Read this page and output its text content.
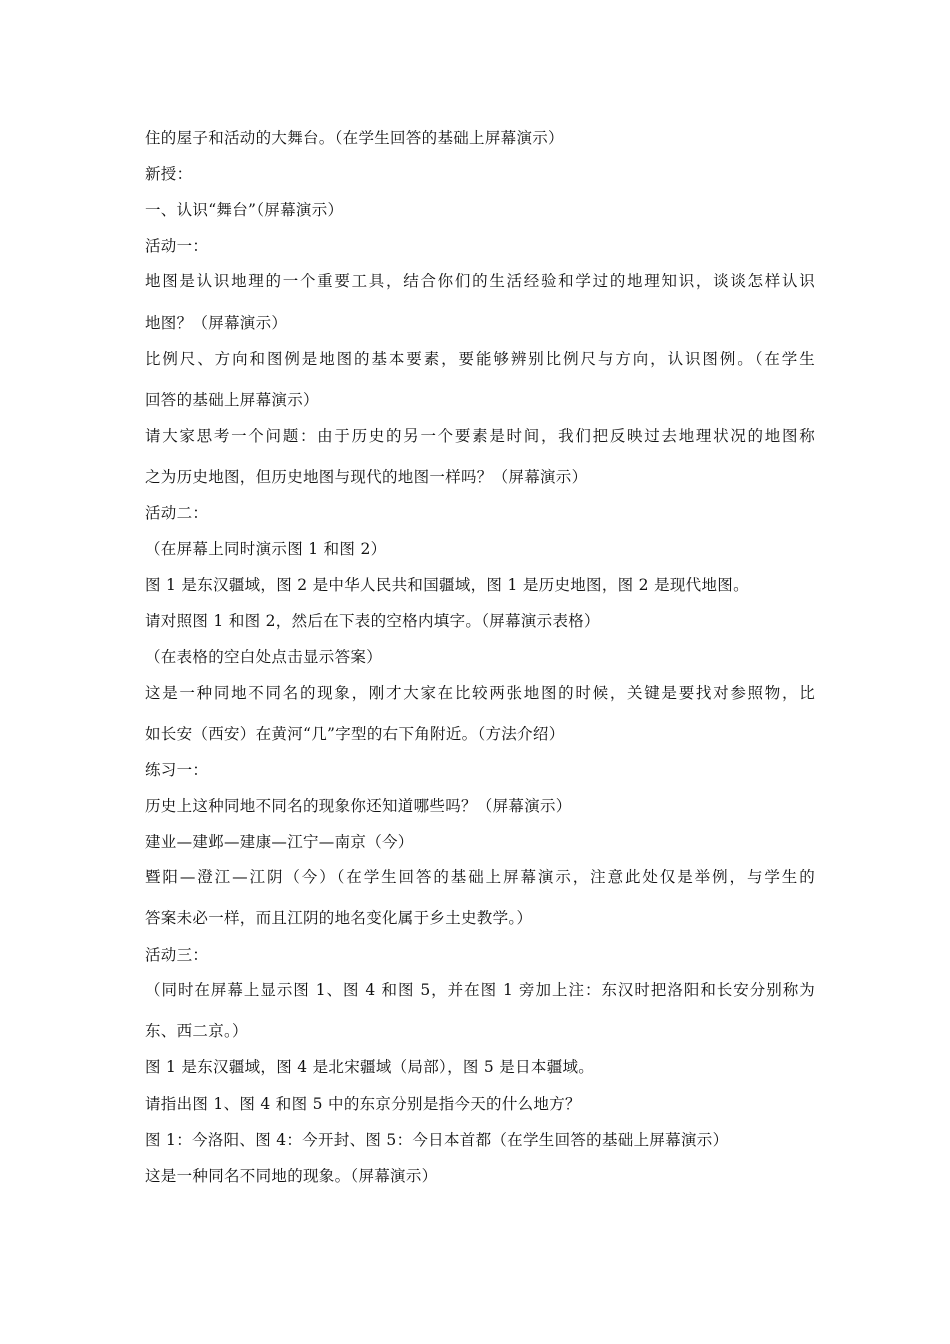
住的屋子和活动的大舞台。（在学生回答的基础上屏幕演示）
新授：
一、认识“舞台”（屏幕演示）
活动一：
地图是认识地理的一个重要工具，结合你们的生活经验和学过的地理知识，谈谈怎样认识
地图？（屏幕演示）
比例尺、方向和图例是地图的基本要素，要能够辨别比例尺与方向，认识图例。（在学生
回答的基础上屏幕演示）
请大家思考一个问题：由于历史的另一个要素是时间，我们把反映过去地理状况的地图称
之为历史地图，但历史地图与现代的地图一样吗？（屏幕演示）
活动二：
（在屏幕上同时演示图 1 和图 2）
图 1 是东汉疆域，图 2 是中华人民共和国疆域，图 1 是历史地图，图 2 是现代地图。
请对照图 1 和图 2，然后在下表的空格内填字。（屏幕演示表格）
（在表格的空白处点击显示答案）
这是一种同地不同名的现象，刚才大家在比较两张地图的时候，关键是要找对参照物，比
如长安（西安）在黄河“几”字型的右下角附近。（方法介绍）
练习一：
历史上这种同地不同名的现象你还知道哪些吗？（屏幕演示）
建业—建邺—建康—江宁—南京（今）
暨阳—澄江—江阴（今）（在学生回答的基础上屏幕演示，注意此处仅是举例，与学生的
答案未必一样，而且江阴的地名变化属于乡土史教学。）
活动三：
（同时在屏幕上显示图 1、图 4 和图 5，并在图 1 旁加上注：东汉时把洛阳和长安分别称为
东、西二京。）
图 1 是东汉疆域，图 4 是北宋疆域（局部），图 5 是日本疆域。
请指出图 1、图 4 和图 5 中的东京分别是指今天的什么地方？
图 1：今洛阳、图 4：今开封、图 5：今日本首都（在学生回答的基础上屏幕演示）
这是一种同名不同地的现象。（屏幕演示）
